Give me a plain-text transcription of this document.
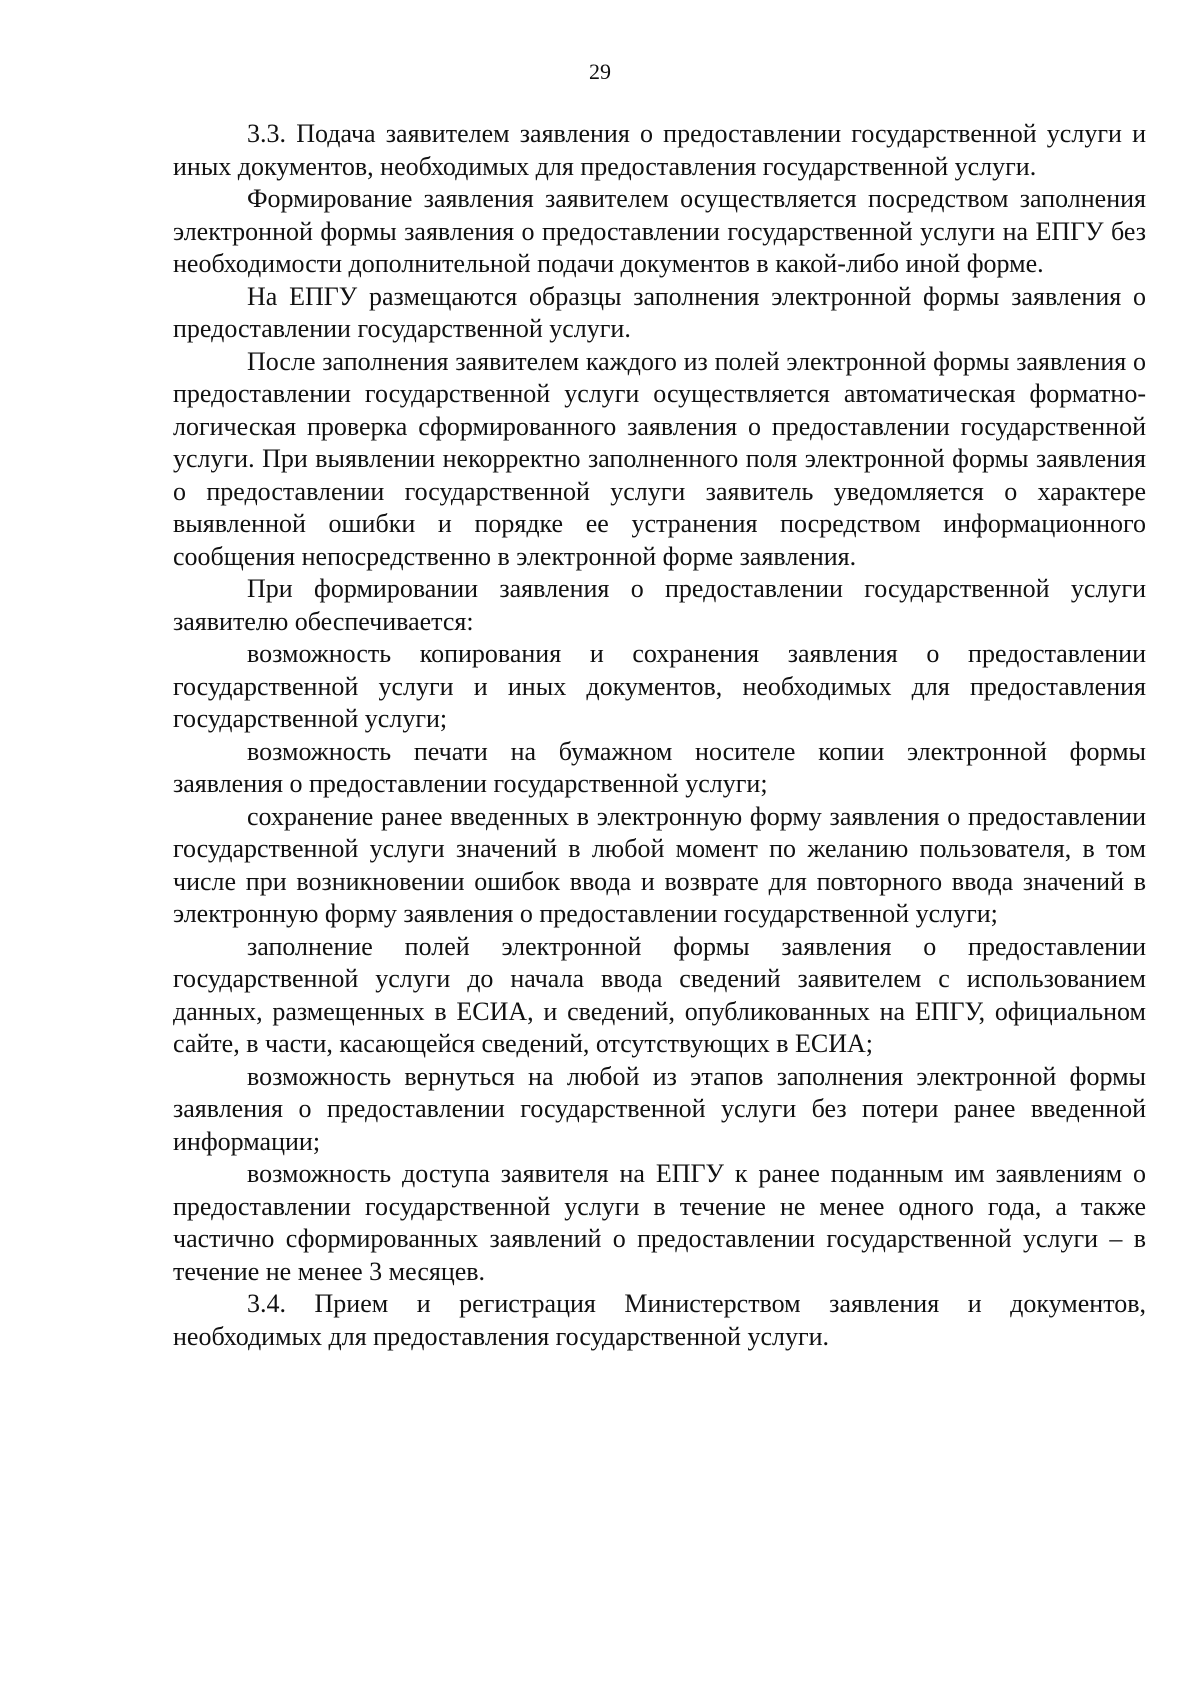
29

3.3. Подача заявителем заявления о предоставлении государственной услуги и иных документов, необходимых для предоставления государственной услуги.

Формирование заявления заявителем осуществляется посредством заполнения электронной формы заявления о предоставлении государственной услуги на ЕПГУ без необходимости дополнительной подачи документов в какой-либо иной форме.

На ЕПГУ размещаются образцы заполнения электронной формы заявления о предоставлении государственной услуги.

После заполнения заявителем каждого из полей электронной формы заявления о предоставлении государственной услуги осуществляется автоматическая форматно-логическая проверка сформированного заявления о предоставлении государственной услуги. При выявлении некорректно заполненного поля электронной формы заявления о предоставлении государственной услуги заявитель уведомляется о характере выявленной ошибки и порядке ее устранения посредством информационного сообщения непосредственно в электронной форме заявления.

При формировании заявления о предоставлении государственной услуги заявителю обеспечивается:

возможность копирования и сохранения заявления о предоставлении государственной услуги и иных документов, необходимых для предоставления государственной услуги;

возможность печати на бумажном носителе копии электронной формы заявления о предоставлении государственной услуги;

сохранение ранее введенных в электронную форму заявления о предоставлении государственной услуги значений в любой момент по желанию пользователя, в том числе при возникновении ошибок ввода и возврате для повторного ввода значений в электронную форму заявления о предоставлении государственной услуги;

заполнение полей электронной формы заявления о предоставлении государственной услуги до начала ввода сведений заявителем с использованием данных, размещенных в ЕСИА, и сведений, опубликованных на ЕПГУ, официальном сайте, в части, касающейся сведений, отсутствующих в ЕСИА;

возможность вернуться на любой из этапов заполнения электронной формы заявления о предоставлении государственной услуги без потери ранее введенной информации;

возможность доступа заявителя на ЕПГУ к ранее поданным им заявлениям о предоставлении государственной услуги в течение не менее одного года, а также частично сформированных заявлений о предоставлении государственной услуги – в течение не менее 3 месяцев.

3.4. Прием и регистрация Министерством заявления и документов, необходимых для предоставления государственной услуги.
